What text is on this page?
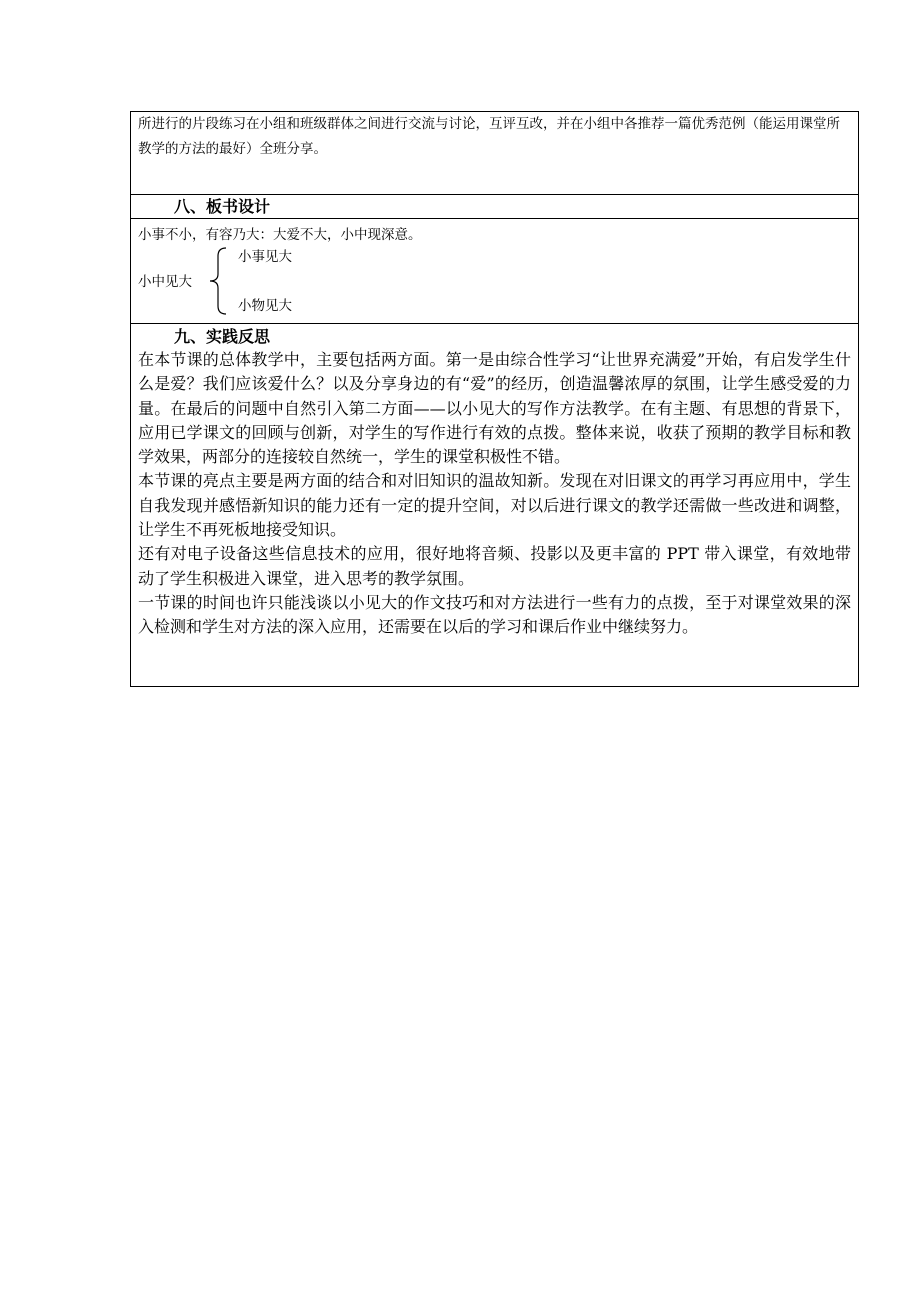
所进行的片段练习在小组和班级群体之间进行交流与讨论，互评互改，并在小组中各推荐一篇优秀范例（能运用课堂所教学的方法的最好）全班分享。

八、板书设计

小事不小，有容乃大：大爱不大，小中现深意。
小中见大
小事见大
小物见大

九、实践反思

在本节课的总体教学中，主要包括两方面。第一是由综合性学习“让世界充满爱”开始，有启发学生什么是爱？我们应该爱什么？以及分享身边的有“爱”的经历，创造温馨浓厚的氛围，让学生感受爱的力量。在最后的问题中自然引入第二方面——以小见大的写作方法教学。在有主题、有思想的背景下，应用已学课文的回顾与创新，对学生的写作进行有效的点拨。整体来说，收获了预期的教学目标和教学效果，两部分的连接较自然统一，学生的课堂积极性不错。

本节课的亮点主要是两方面的结合和对旧知识的温故知新。发现在对旧课文的再学习再应用中，学生自我发现并感悟新知识的能力还有一定的提升空间，对以后进行课文的教学还需做一些改进和调整，让学生不再死板地接受知识。

还有对电子设备这些信息技术的应用，很好地将音频、投影以及更丰富的 PPT 带入课堂，有效地带动了学生积极进入课堂，进入思考的教学氛围。

一节课的时间也许只能浅谈以小见大的作文技巧和对方法进行一些有力的点拨，至于对课堂效果的深入检测和学生对方法的深入应用，还需要在以后的学习和课后作业中继续努力。
